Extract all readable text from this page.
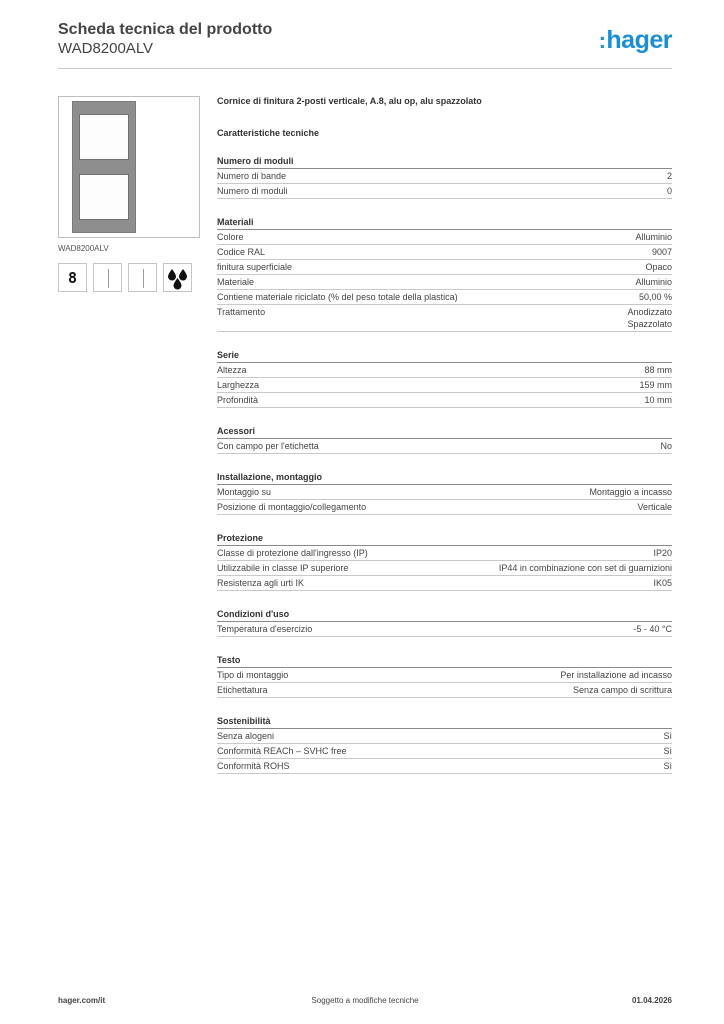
Scheda tecnica del prodotto
WAD8200ALV	:hager
WAD8200ALV
8
Cornice di finitura 2-posti verticale, A.8, alu op, alu spazzolato
Caratteristiche tecniche
Numero di moduli
Numero di bande	2
Numero di moduli	0
Materiali
Colore	Alluminio
Codice RAL	9007
finitura superficiale	Opaco
Materiale	Alluminio
Contiene materiale riciclato (% del peso totale della plastica)	50,00 %
Trattamento	Anodizzato
Spazzolato
Serie
Altezza	88 mm
Larghezza	159 mm
Profondità	10 mm
Acessori
Con campo per l'etichetta	No
Installazione, montaggio
Montaggio su	Montaggio a incasso
Posizione di montaggio/collegamento	Verticale
Protezione
Classe di protezione dall'ingresso (IP)	IP20
Utilizzabile in classe IP superiore	IP44 in combinazione con set di guarnizioni
Resistenza agli urti IK	IK05
Condizioni d'uso
Temperatura d'esercizio	-5 - 40 °C
Testo
Tipo di montaggio	Per installazione ad incasso
Etichettatura	Senza campo di scrittura
Sostenibilità
Senza alogeni	Sì
Conformità REACh – SVHC free	Sì
Conformità ROHS	Sì
hager.com/it	Soggetto a modifiche tecniche	01.04.2026
